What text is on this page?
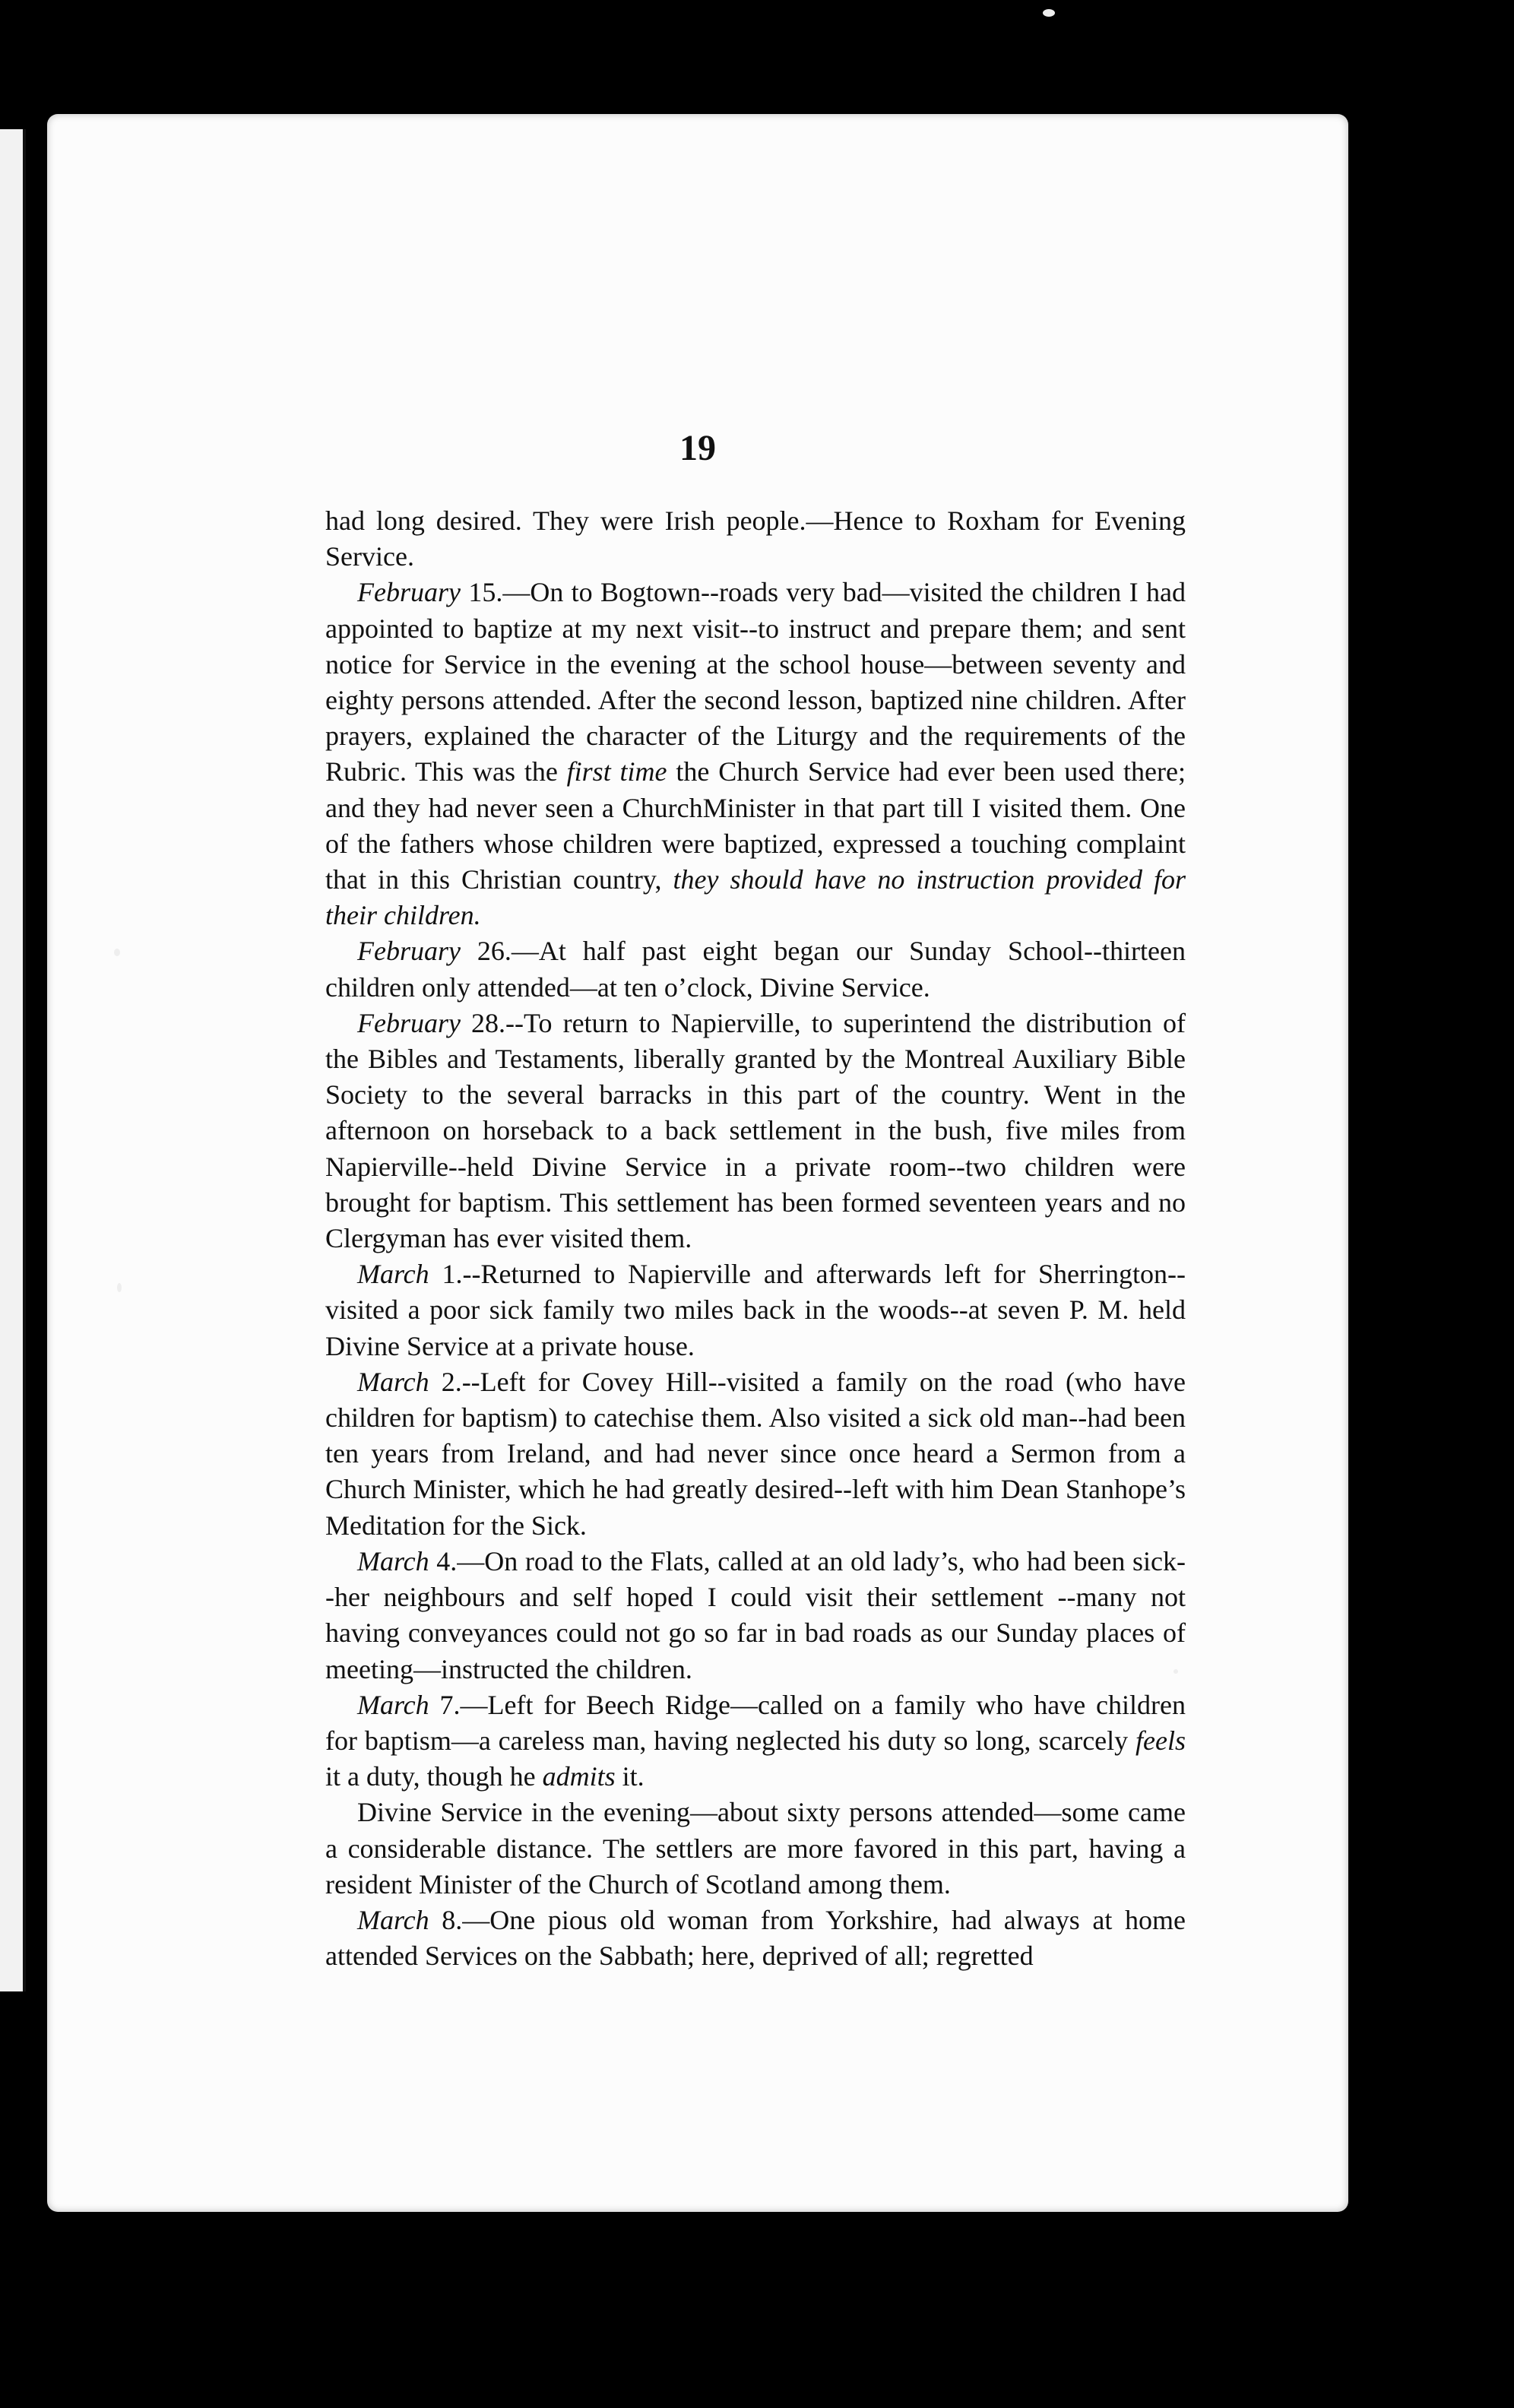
19

had long desired. They were Irish people.—Hence to Roxham for Evening Service.

February 15.—On to Bogtown--roads very bad—visited the children I had appointed to baptize at my next visit--to instruct and prepare them; and sent notice for Service in the evening at the school house—between seventy and eighty persons attended. After the second lesson, baptized nine children. After prayers, explained the character of the Liturgy and the requirements of the Rubric. This was the first time the Church Service had ever been used there; and they had never seen a ChurchMinister in that part till I visited them. One of the fathers whose children were baptized, expressed a touching complaint that in this Christian country, they should have no instruction provided for their children.

February 26.—At half past eight began our Sunday School--thirteen children only attended—at ten o’clock, Divine Service.

February 28.--To return to Napierville, to superintend the distribution of the Bibles and Testaments, liberally granted by the Montreal Auxiliary Bible Society to the several barracks in this part of the country. Went in the afternoon on horseback to a back settlement in the bush, five miles from Napierville--held Divine Service in a private room--two children were brought for baptism. This settlement has been formed seventeen years and no Clergyman has ever visited them.

March 1.--Returned to Napierville and afterwards left for Sherrington--visited a poor sick family two miles back in the woods--at seven P. M. held Divine Service at a private house.

March 2.--Left for Covey Hill--visited a family on the road (who have children for baptism) to catechise them. Also visited a sick old man--had been ten years from Ireland, and had never since once heard a Sermon from a Church Minister, which he had greatly desired--left with him Dean Stanhope’s Meditation for the Sick.

March 4.—On road to the Flats, called at an old lady’s, who had been sick--her neighbours and self hoped I could visit their settlement --many not having conveyances could not go so far in bad roads as our Sunday places of meeting—instructed the children.

March 7.—Left for Beech Ridge—called on a family who have children for baptism—a careless man, having neglected his duty so long, scarcely feels it a duty, though he admits it.

Divine Service in the evening—about sixty persons attended—some came a considerable distance. The settlers are more favored in this part, having a resident Minister of the Church of Scotland among them.

March 8.—One pious old woman from Yorkshire, had always at home attended Services on the Sabbath; here, deprived of all; regretted
